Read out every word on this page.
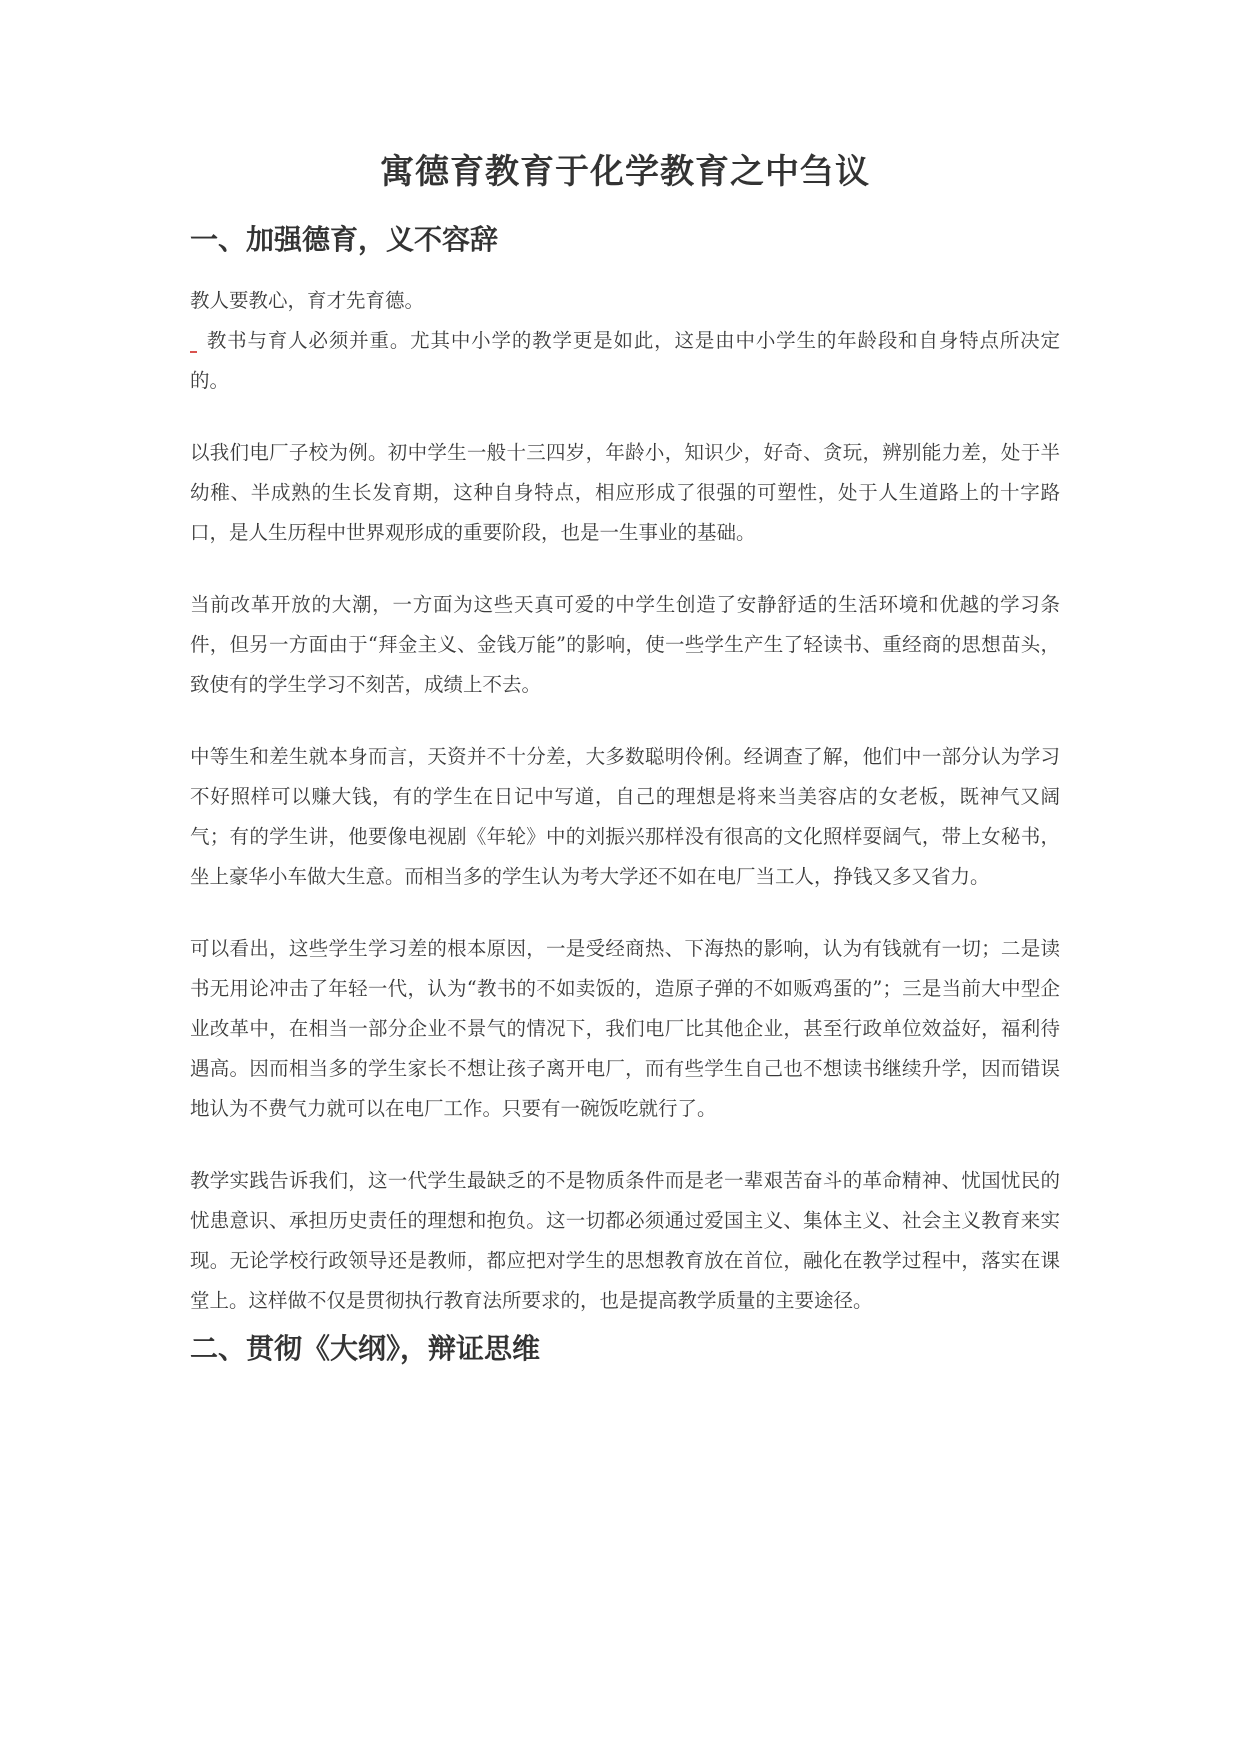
寓德育教育于化学教育之中刍议
一、加强德育，义不容辞

教人要教心，育才先育德。

教书与育人必须并重。尤其中小学的教学更是如此，这是由中小学生的年龄段和自身特点所决定的。

以我们电厂子校为例。初中学生一般十三四岁，年龄小，知识少，好奇、贪玩，辨别能力差，处于半幼稚、半成熟的生长发育期，这种自身特点，相应形成了很强的可塑性，处于人生道路上的十字路口，是人生历程中世界观形成的重要阶段，也是一生事业的基础。

当前改革开放的大潮，一方面为这些天真可爱的中学生创造了安静舒适的生活环境和优越的学习条件，但另一方面由于“拜金主义、金钱万能”的影响，使一些学生产生了轻读书、重经商的思想苗头，致使有的学生学习不刻苦，成绩上不去。

中等生和差生就本身而言，天资并不十分差，大多数聪明伶俐。经调查了解，他们中一部分认为学习不好照样可以赚大钱，有的学生在日记中写道，自己的理想是将来当美容店的女老板，既神气又阔气；有的学生讲，他要像电视剧《年轮》中的刘振兴那样没有很高的文化照样耍阔气，带上女秘书，坐上豪华小车做大生意。而相当多的学生认为考大学还不如在电厂当工人，挣钱又多又省力。

可以看出，这些学生学习差的根本原因，一是受经商热、下海热的影响，认为有钱就有一切；二是读书无用论冲击了年轻一代，认为“教书的不如卖饭的，造原子弹的不如贩鸡蛋的”；三是当前大中型企业改革中，在相当一部分企业不景气的情况下，我们电厂比其他企业，甚至行政单位效益好，福利待遇高。因而相当多的学生家长不想让孩子离开电厂，而有些学生自己也不想读书继续升学，因而错误地认为不费气力就可以在电厂工作。只要有一碗饭吃就行了。

教学实践告诉我们，这一代学生最缺乏的不是物质条件而是老一辈艰苦奋斗的革命精神、忧国忧民的忧患意识、承担历史责任的理想和抱负。这一切都必须通过爱国主义、集体主义、社会主义教育来实现。无论学校行政领导还是教师，都应把对学生的思想教育放在首位，融化在教学过程中，落实在课堂上。这样做不仅是贯彻执行教育法所要求的，也是提高教学质量的主要途径。

二、贯彻《大纲》，辩证思维
